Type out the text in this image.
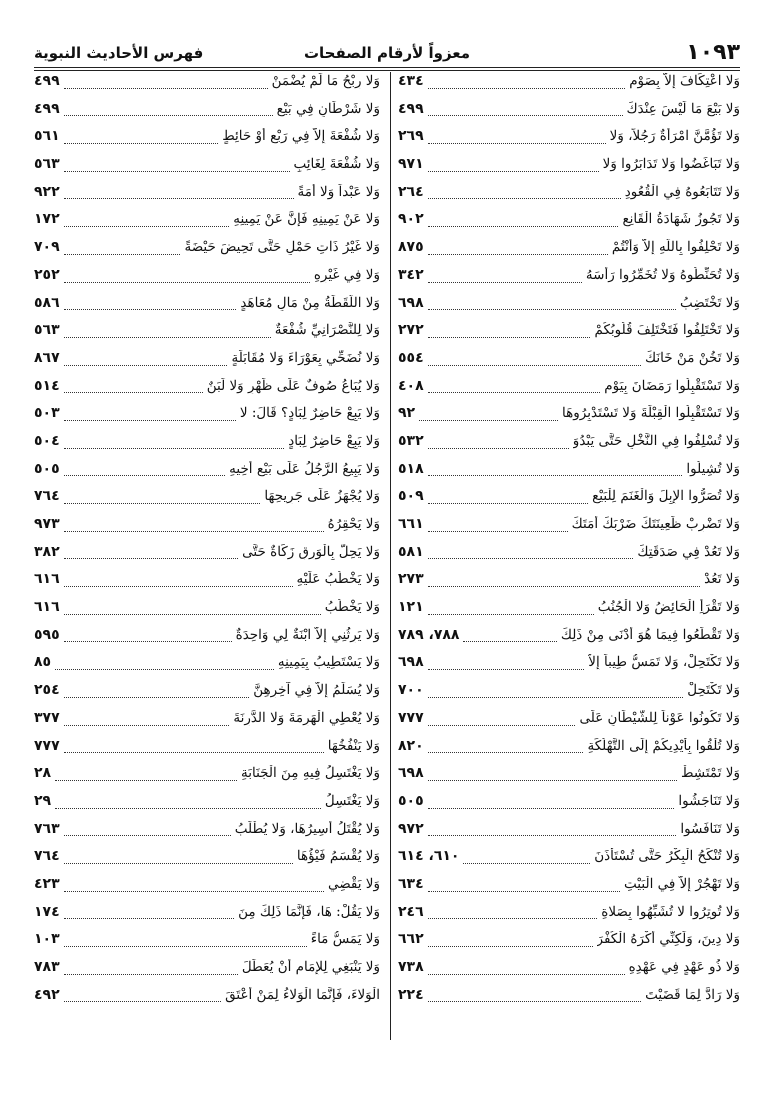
١٠٩٣
معزواً لأرقام الصفحات
فهرس الأحاديث النبوية
وَلا اعْتِكَافَ إِلاَّ بِصَوْمٍ
٤٣٤
وَلا بَيْعَ مَا لَيْسَ عِنْدَكَ
٤٩٩
وَلا تَؤُمَّنَّ امْرَأَةٌ رَجُلاً، وَلا
٢٦٩
وَلا تَبَاغَضُوا وَلا تَدَابَرُوا وَلا
٩٧١
وَلا تَتَابَعُوهُ فِي الْقُعُودِ
٢٦٤
وَلا تَجُوزُ شَهَادَةُ الْقَانِعِ
٩٠٢
وَلا تَحْلِفُوا بِاللَّهِ إِلاَّ وَأَنْتُمْ
٨٧٥
وَلا تُحَنِّطُوهُ وَلا تُخَمِّرُوا رَأْسَهُ
٣٤٢
وَلا تَخْتَضِبُ
٦٩٨
وَلا تَخْتَلِفُوا فَتَخْتَلِفَ قُلُوبُكُمْ
٢٧٢
وَلا تَخُنْ مَنْ خَانَكَ
٥٥٤
وَلا تَسْتَقْبِلُوا رَمَضَانَ بِيَوْمٍ
٤٠٨
وَلا تَسْتَقْبِلُوا الْقِبْلَةَ وَلا تَسْتَدْبِرُوهَا
٩٢
وَلا تُسْلِفُوا فِي النَّخْلِ حَتَّى يَبْدُوَ
٥٣٢
وَلا تُشِيلُوا
٥١٨
وَلا تُصَرُّوا الإِبِلَ وَالْغَنَمَ لِلْبَيْعِ
٥٠٩
وَلا تَضْرِبْ ظَعِينَتَكَ ضَرْبَكَ أَمَتَكَ
٦٦١
وَلا تَعُدْ فِي صَدَقَتِكَ
٥٨١
وَلا تَعُدْ
٢٧٣
وَلا تَقْرَأِ الْحَائِضُ وَلا الْجُنُبُ
١٢١
وَلا تَقْطَعُوا فِيمَا هُوَ أَدْنَى مِنْ ذَلِكَ
٧٨٨، ٧٨٩
وَلا تَكْتَحِلْ، وَلا تَمَسُّ طِيباً إِلاَّ
٦٩٨
وَلا تَكْتَحِلْ
٧٠٠
وَلا تَكُونُوا عَوْناً لِلشَّيْطَانِ عَلَى
٧٧٧
وَلا تُلْقُوا بِأَيْدِيكُمْ إِلَى التَّهْلُكَةِ
٨٢٠
وَلا تَمْتَشِطْ
٦٩٨
وَلا تَنَاجَشُوا
٥٠٥
وَلا تَنَافَسُوا
٩٧٢
وَلا تُنْكَحُ الْبِكْرُ حَتَّى تُسْتَأْذَنَ
٦١٠، ٦١٤
وَلا تَهْجُرْ إِلاَّ فِي الْبَيْتِ
٦٣٤
وَلا تُوتِرُوا لا تُشَبِّهُوا بِصَلاةِ
٢٤٦
وَلا دِينَ، وَلَكِنِّي أَكْرَهُ الْكُفْرَ
٦٦٢
وَلا ذُو عَهْدٍ فِي عَهْدِهِ
٧٣٨
وَلا رَادَّ لِمَا قَضَيْتَ
٢٢٤
وَلا رِبْحُ مَا لَمْ يُضْمَنْ
٤٩٩
وَلا شَرْطَانِ فِي بَيْعٍ
٤٩٩
وَلا شُفْعَةَ إِلاَّ فِي رَبْعٍ أَوْ حَائِطٍ
٥٦١
وَلا شُفْعَةَ لِغَائِبٍ
٥٦٣
وَلا عَبْداً وَلا أَمَةً
٩٢٢
وَلا عَنْ يَمِينِهِ فَإِنَّ عَنْ يَمِينِهِ
١٧٢
وَلا غَيْرُ ذَاتِ حَمْلٍ حَتَّى تَحِيضَ حَيْضَةً
٧٠٩
وَلا فِي غَيْرِهِ
٢٥٢
وَلا اللُّقَطَةُ مِنْ مَالِ مُعَاهَدٍ
٥٨٦
وَلا لِلنَّصْرَانِيِّ شُفْعَةٌ
٥٦٣
وَلا نُضَحِّي بِعَوْرَاءَ وَلا مُقَابَلَةٍ
٨٦٧
وَلا يُبَاعُ صُوفٌ عَلَى ظَهْرٍ وَلا لَبَنٌ
٥١٤
وَلا يَبِعْ حَاضِرٌ لِبَادٍ؟ قَالَ: لا
٥٠٣
وَلا يَبِعْ حَاضِرٌ لِبَادٍ
٥٠٤
وَلا يَبِيعُ الرَّجُلُ عَلَى بَيْعِ أَخِيهِ
٥٠٥
وَلا يُجْهَزُ عَلَى جَرِيحِهَا
٧٦٤
وَلا يَحْقِرُهُ
٩٧٣
وَلا يَحِلُّ بِالْوَرِقِ زَكَاةٌ حَتَّى
٣٨٢
وَلا يَخْطُبُ عَلَيْهِ
٦١٦
وَلا يَخْطُبُ
٦١٦
وَلا يَرِثُنِي إِلاَّ ابْنَةٌ لِي وَاحِدَةٌ
٥٩٥
وَلا يَسْتَطِيبُ بِيَمِينِهِ
٨٥
وَلا يُسَلِّمُ إِلاَّ فِي آخِرِهِنَّ
٢٥٤
وَلا يُعْطِي الْهَرِمَةَ وَلا الدَّرِنَةَ
٣٧٧
وَلا يَنْفُخُهَا
٧٧٧
وَلا يَغْتَسِلُ فِيهِ مِنَ الْجَنَابَةِ
٢٨
وَلا يَغْتَسِلُ
٢٩
وَلا يُقْتَلُ أَسِيرُهَا، وَلا يُطْلَبُ
٧٦٣
وَلا يُقْسَمُ فَيْؤُهَا
٧٦٤
وَلا يَقْضِي
٤٢٣
وَلا يَقُلْ: هَا، فَإِنَّمَا ذَلِكَ مِنَ
١٧٤
وَلا يَمَسُّ مَاءً
١٠٣
وَلا يَنْبَغِي لِلإِمَامِ أَنْ يُعَطِّلَ
٧٨٣
الْوَلاءَ، فَإِنَّمَا الْوَلاءُ لِمَنْ أَعْتَقَ
٤٩٢
